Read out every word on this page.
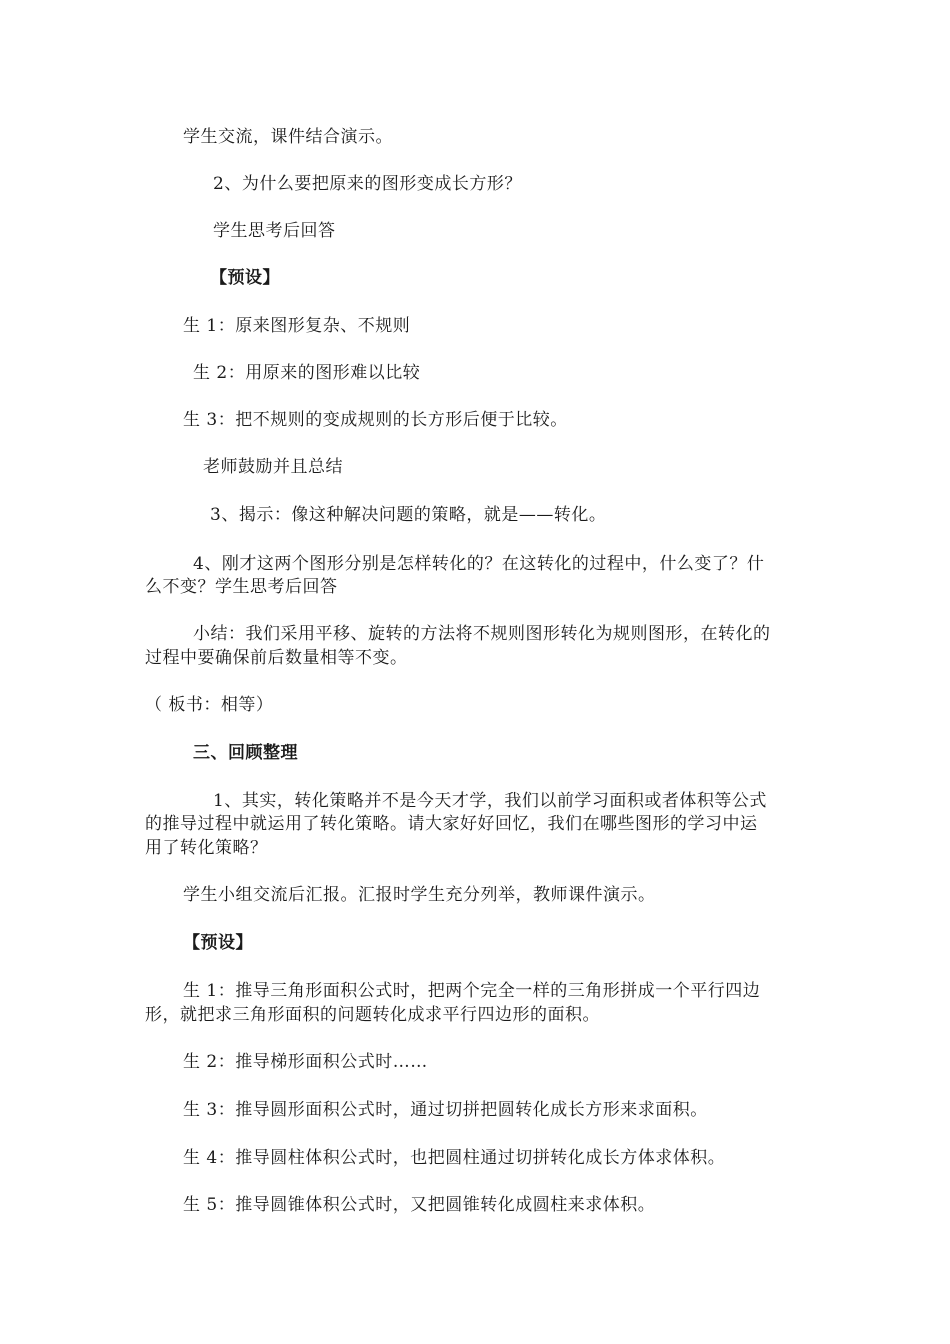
学生交流，课件结合演示。
2、为什么要把原来的图形变成长方形？
学生思考后回答
【预设】
生 1：原来图形复杂、不规则
生 2：用原来的图形难以比较
生 3：把不规则的变成规则的长方形后便于比较。
老师鼓励并且总结
3、揭示：像这种解决问题的策略，就是——转化。
4、刚才这两个图形分别是怎样转化的？在这转化的过程中，什么变了？什
么不变？学生思考后回答
小结：我们采用平移、旋转的方法将不规则图形转化为规则图形，在转化的
过程中要确保前后数量相等不变。
（ 板书：相等）
三、回顾整理
1、其实，转化策略并不是今天才学，我们以前学习面积或者体积等公式
的推导过程中就运用了转化策略。请大家好好回忆，我们在哪些图形的学习中运
用了转化策略？
学生小组交流后汇报。汇报时学生充分列举，教师课件演示。
【预设】
生 1：推导三角形面积公式时，把两个完全一样的三角形拼成一个平行四边
形，就把求三角形面积的问题转化成求平行四边形的面积。
生 2：推导梯形面积公式时……
生 3：推导圆形面积公式时，通过切拼把圆转化成长方形来求面积。
生 4：推导圆柱体积公式时，也把圆柱通过切拼转化成长方体求体积。
生 5：推导圆锥体积公式时，又把圆锥转化成圆柱来求体积。
